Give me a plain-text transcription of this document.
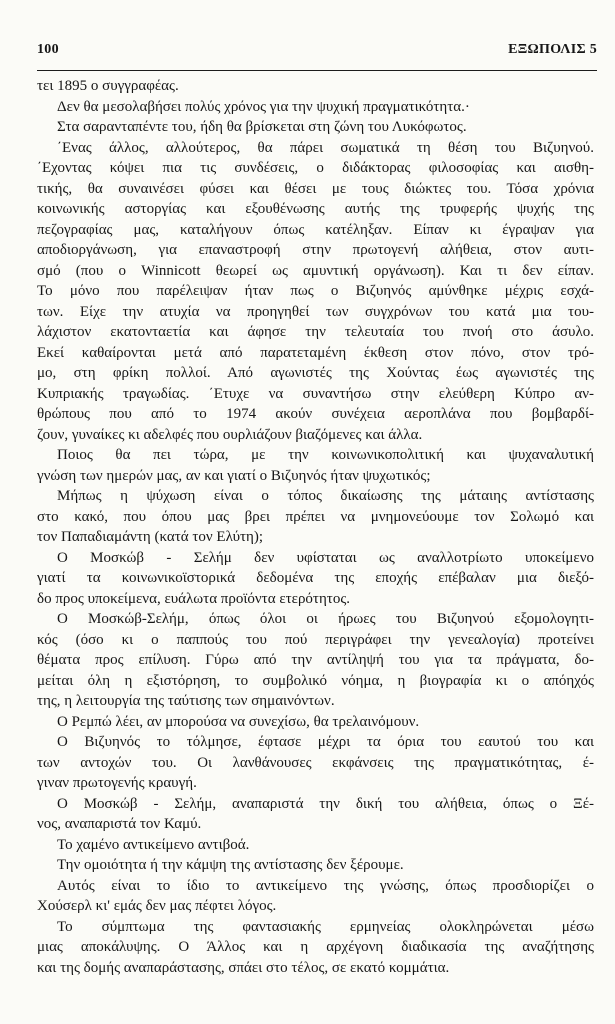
100	ΕΞΩΠΟΛΙΣ 5
τει 1895 ο συγγραφέας.
Δεν θα μεσολαβήσει πολύς χρόνος για την ψυχική πραγματικότητα.·
Στα σαρανταπέντε του, ήδη θα βρίσκεται στη ζώνη του Λυκόφωτος.
΄Ενας άλλος, αλλούτερος, θα πάρει σωματικά τη θέση του Βιζυηνού.
΄Εχοντας κόψει πια τις συνδέσεις, ο διδάκτορας φιλοσοφίας και αισθη-
τικής, θα συναινέσει φύσει και θέσει με τους διώκτες του. Τόσα χρόνια
κοινωνικής αστοργίας και εξουθένωσης αυτής της τρυφερής ψυχής της
πεζογραφίας μας, καταλήγουν όπως κατέληξαν. Είπαν κι έγραψαν για
αποδιοργάνωση, για επαναστροφή στην πρωτογενή αλήθεια, στον αυτι-
σμό (που ο Winnicott θεωρεί ως αμυντική οργάνωση). Και τι δεν είπαν.
Το μόνο που παρέλειψαν ήταν πως ο Βιζυηνός αμύνθηκε μέχρις εσχά-
των. Είχε την ατυχία να προηγηθεί των συγχρόνων του κατά μια του-
λάχιστον εκατονταετία και άφησε την τελευταία του πνοή στο άσυλο.
Εκεί καθαίρονται μετά από παρατεταμένη έκθεση στον πόνο, στον τρό-
μο, στη φρίκη πολλοί. Από αγωνιστές της Χούντας έως αγωνιστές της
Κυπριακής τραγωδίας. ΄Ετυχε να συναντήσω στην ελεύθερη Κύπρο αν-
θρώπους που από το 1974 ακούν συνέχεια αεροπλάνα που βομβαρδί-
ζουν, γυναίκες κι αδελφές που ουρλιάζουν βιαζόμενες και άλλα.
Ποιος θα πει τώρα, με την κοινωνικοπολιτική και ψυχαναλυτική
γνώση των ημερών μας, αν και γιατί ο Βιζυηνός ήταν ψυχωτικός;
Μήπως η ψύχωση είναι ο τόπος δικαίωσης της μάταιης αντίστασης
στο κακό, που όπου μας βρει πρέπει να μνημονεύουμε τον Σολωμό και
τον Παπαδιαμάντη (κατά τον Ελύτη);
Ο Μοσκώβ - Σελήμ δεν υφίσταται ως αναλλοτρίωτο υποκείμενο
γιατί τα κοινωνικοϊστορικά δεδομένα της εποχής επέβαλαν μια διεξό-
δο προς υποκείμενα, ευάλωτα προϊόντα ετερότητος.
Ο Μοσκώβ-Σελήμ, όπως όλοι οι ήρωες του Βιζυηνού εξομολογητι-
κός (όσο κι ο παππούς του πού περιγράφει την γενεαλογία) προτείνει
θέματα προς επίλυση. Γύρω από την αντίληψή του για τα πράγματα, δο-
μείται όλη η εξιστόρηση, το συμβολικό νόημα, η βιογραφία κι ο απόηχός
της, η λειτουργία της ταύτισης των σημαινόντων.
Ο Ρεμπώ λέει, αν μπορούσα να συνεχίσω, θα τρελαινόμουν.
Ο Βιζυηνός το τόλμησε, έφτασε μέχρι τα όρια του εαυτού του και
των αντοχών του. Οι λανθάνουσες εκφάνσεις της πραγματικότητας, έ-
γιναν πρωτογενής κραυγή.
Ο Μοσκώβ - Σελήμ, αναπαριστά την δική του αλήθεια, όπως ο Ξέ-
νος, αναπαριστά τον Καμύ.
Το χαμένο αντικείμενο αντιβοά.
Την ομοιότητα ή την κάμψη της αντίστασης δεν ξέρουμε.
Αυτός είναι το ίδιο το αντικείμενο της γνώσης, όπως προσδιορίζει ο
Χούσερλ κι' εμάς δεν μας πέφτει λόγος.
Το σύμπτωμα της φαντασιακής ερμηνείας ολοκληρώνεται μέσω
μιας αποκάλυψης. Ο Άλλος και η αρχέγονη διαδικασία της αναζήτησης
και της δομής αναπαράστασης, σπάει στο τέλος, σε εκατό κομμάτια.
